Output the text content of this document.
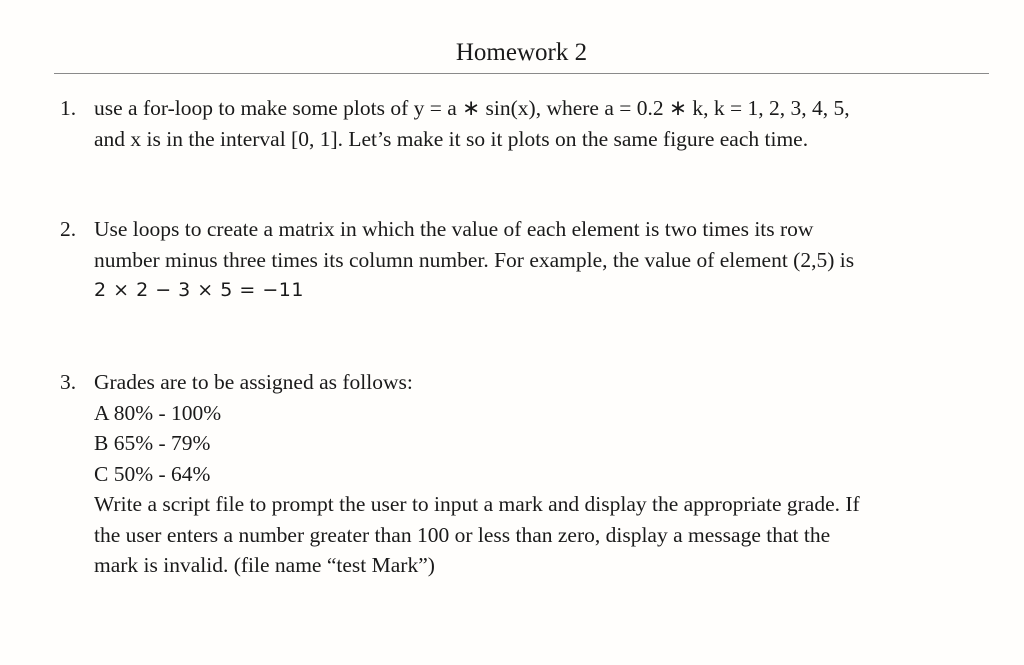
Homework 2
1. use a for-loop to make some plots of y = a ∗ sin(x), where a = 0.2 ∗ k, k = 1, 2, 3, 4, 5,
and x is in the interval [0, 1]. Let’s make it so it plots on the same figure each time.
2. Use loops to create a matrix in which the value of each element is two times its row
number minus three times its column number. For example, the value of element (2,5) is
2 × 2 − 3 × 5 = −11
3. Grades are to be assigned as follows:
A 80% - 100%
B 65% - 79%
C 50% - 64%
Write a script file to prompt the user to input a mark and display the appropriate grade. If
the user enters a number greater than 100 or less than zero, display a message that the
mark is invalid. (file name “test Mark”)
